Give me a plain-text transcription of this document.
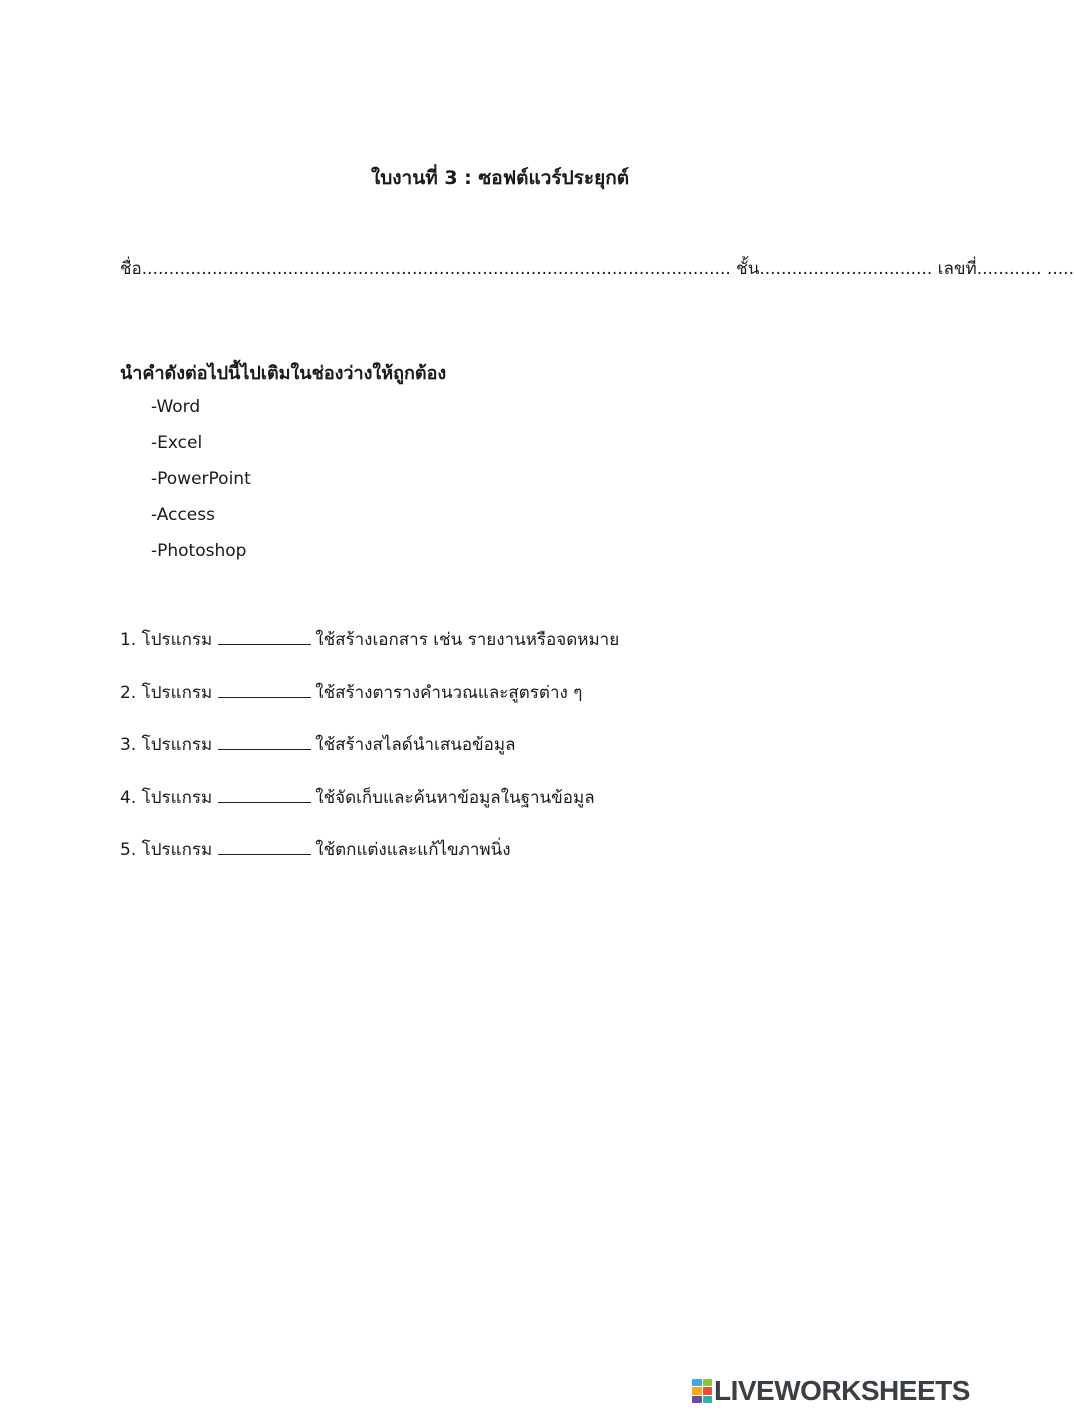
ใบงานที่ 3 : ซอฟต์แวร์ประยุกต์
ชื่อ............................................................................................................. ชั้น................................ เลขที่............ .....
นำคำดังต่อไปนี้ไปเติมในช่องว่างให้ถูกต้อง
-Word
-Excel
-PowerPoint
-Access
-Photoshop
1. โปรแกรม	ใช้สร้างเอกสาร เช่น รายงานหรือจดหมาย
2. โปรแกรม	ใช้สร้างตารางคำนวณและสูตรต่าง ๆ
3. โปรแกรม	ใช้สร้างสไลด์นำเสนอข้อมูล
4. โปรแกรม	ใช้จัดเก็บและค้นหาข้อมูลในฐานข้อมูล
5. โปรแกรม	ใช้ตกแต่งและแก้ไขภาพนิ่ง
LIVEWORKSHEETS
